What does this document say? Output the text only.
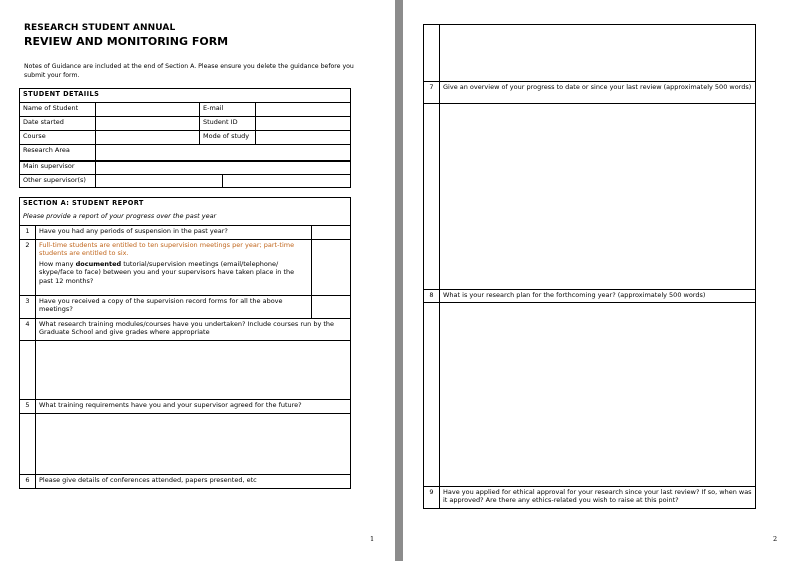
RESEARCH STUDENT ANNUAL
REVIEW AND MONITORING FORM
Notes of Guidance are included at the end of Section A. Please ensure you delete the guidance before you submit your form.
STUDENT DETAIILS			
Name of Student		E-mail	
Date started		Student ID	
Course		Mode of study	
Research Area			
Main supervisor		
Other supervisor(s)		
SECTION A: STUDENT REPORT		
Please provide a report of your progress over the past year		
1	Have you had any periods of suspension in the past year?	
2	Full-time students are entitled to ten supervision meetings per year; part-time students are entitled to six.
How many documented tutorial/supervision meetings (email/telephone/ skype/face to face) between you and your supervisors have taken place in the past 12 months?	

3	Have you received a copy of the supervision record forms for all the above meetings?	
4	What research training modules/courses have you undertaken? Include courses run by the Graduate School and give grades where appropriate	

5	What training requirements have you and your supervisor agreed for the future?	

6	Please give details of conferences attended, papers presented, etc	
1

7	Give an overview of your progress to date or since your last review (approximately 500 words)

8	What is your research plan for the forthcoming year? (approximately 500 words)

9	Have you applied for ethical approval for your research since your last review? If so, when was it approved? Are there any ethics-related you wish to raise at this point?
2
